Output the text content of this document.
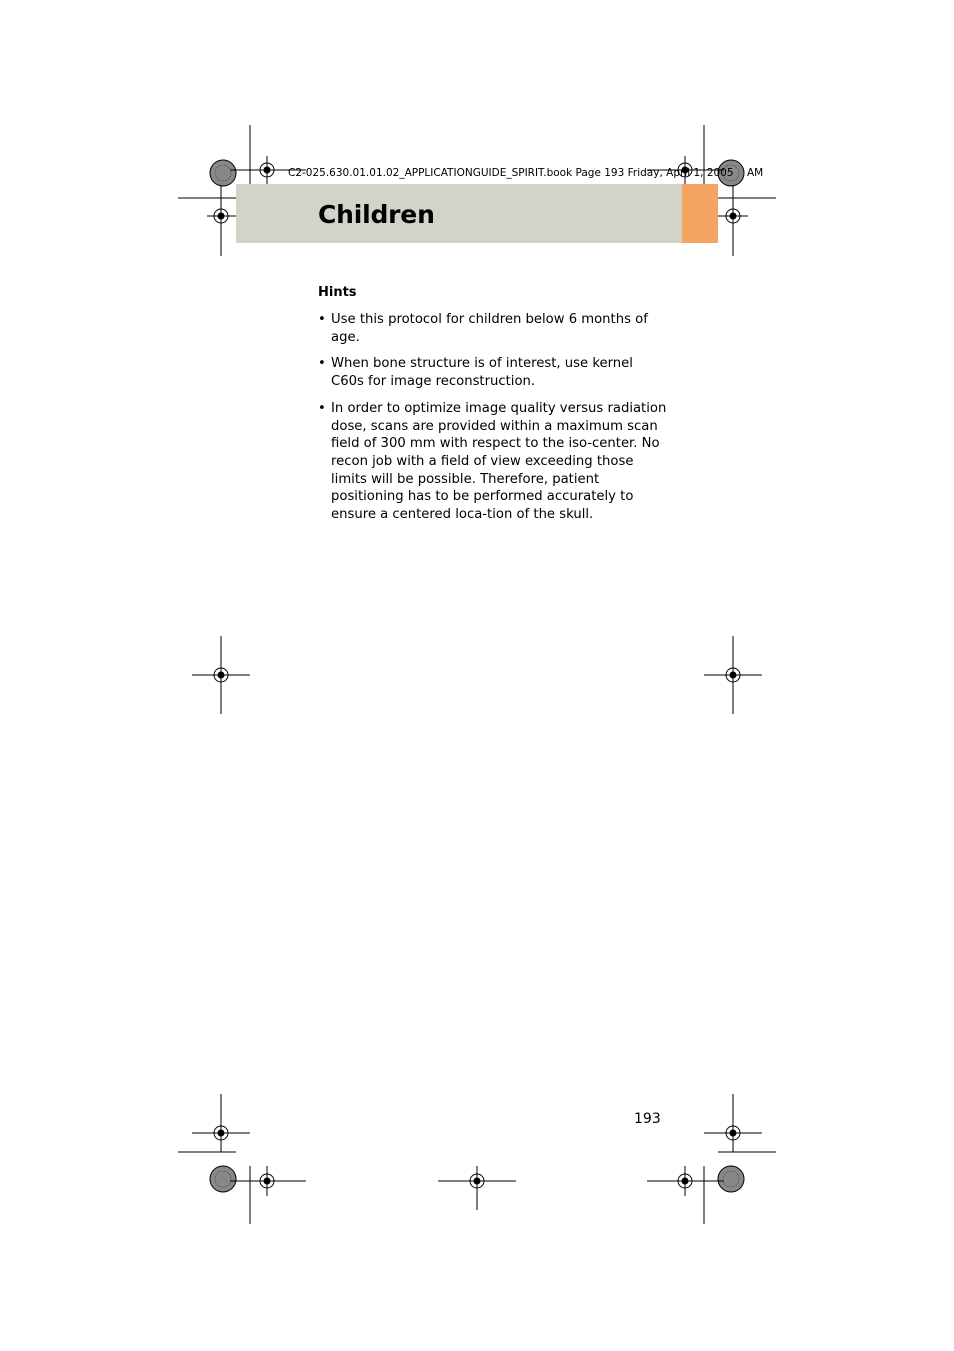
C2-025.630.01.01.02_APPLICATIONGUIDE_SPIRIT.book Page 193 Friday, April 1, 2005 AM
Children
Hints
• Use this protocol for children below 6 months of age.
• When bone structure is of interest, use kernel C60s for image reconstruction.
• In order to optimize image quality versus radiation dose, scans are provided within a maximum scan field of 300 mm with respect to the iso-center. No recon job with a field of view exceeding those limits will be possible. Therefore, patient positioning has to be performed accurately to ensure a centered loca-tion of the skull.
193
